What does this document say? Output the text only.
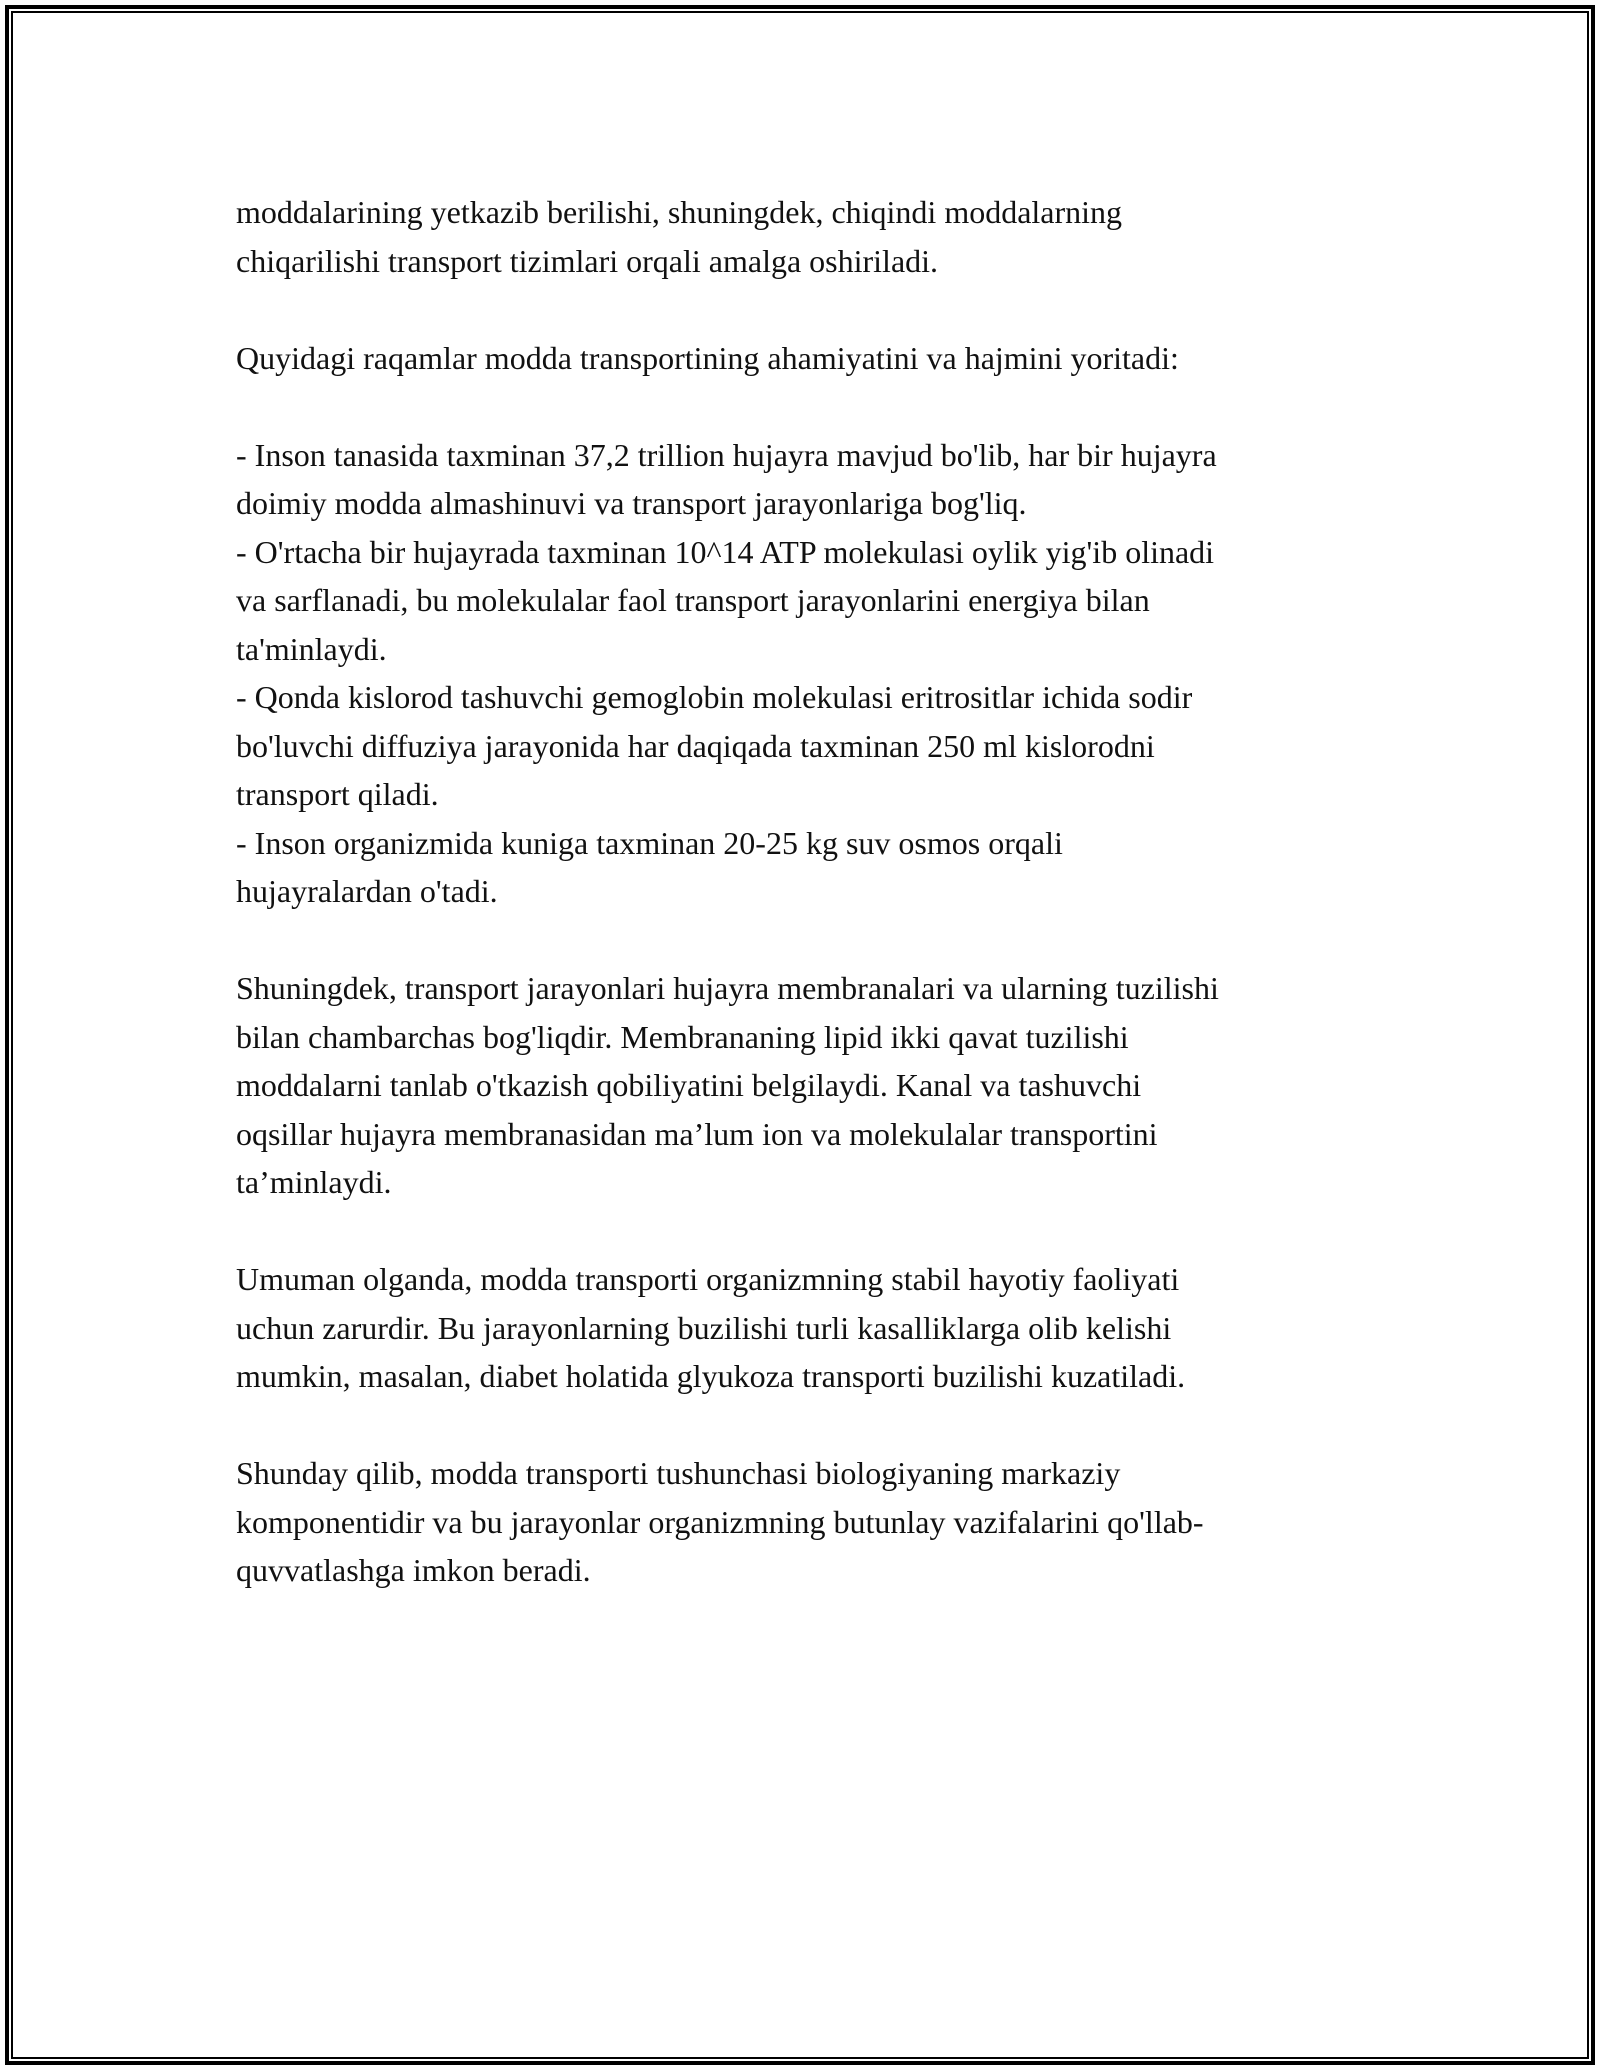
moddalarining yetkazib berilishi, shuningdek, chiqindi moddalarning
chiqarilishi transport tizimlari orqali amalga oshiriladi.

Quyidagi raqamlar modda transportining ahamiyatini va hajmini yoritadi:

- Inson tanasida taxminan 37,2 trillion hujayra mavjud bo'lib, har bir hujayra
doimiy modda almashinuvi va transport jarayonlariga bog'liq.
- O'rtacha bir hujayrada taxminan 10^14 ATP molekulasi oylik yig'ib olinadi
va sarflanadi, bu molekulalar faol transport jarayonlarini energiya bilan
ta'minlaydi.
- Qonda kislorod tashuvchi gemoglobin molekulasi eritrositlar ichida sodir
bo'luvchi diffuziya jarayonida har daqiqada taxminan 250 ml kislorodni
transport qiladi.
- Inson organizmida kuniga taxminan 20-25 kg suv osmos orqali
hujayralardan o'tadi.

Shuningdek, transport jarayonlari hujayra membranalari va ularning tuzilishi
bilan chambarchas bog'liqdir. Membrananing lipid ikki qavat tuzilishi
moddalarni tanlab o'tkazish qobiliyatini belgilaydi. Kanal va tashuvchi
oqsillar hujayra membranasidan ma’lum ion va molekulalar transportini
ta’minlaydi.

Umuman olganda, modda transporti organizmning stabil hayotiy faoliyati
uchun zarurdir. Bu jarayonlarning buzilishi turli kasalliklarga olib kelishi
mumkin, masalan, diabet holatida glyukoza transporti buzilishi kuzatiladi.

Shunday qilib, modda transporti tushunchasi biologiyaning markaziy
komponentidir va bu jarayonlar organizmning butunlay vazifalarini qo'llab-
quvvatlashga imkon beradi.
